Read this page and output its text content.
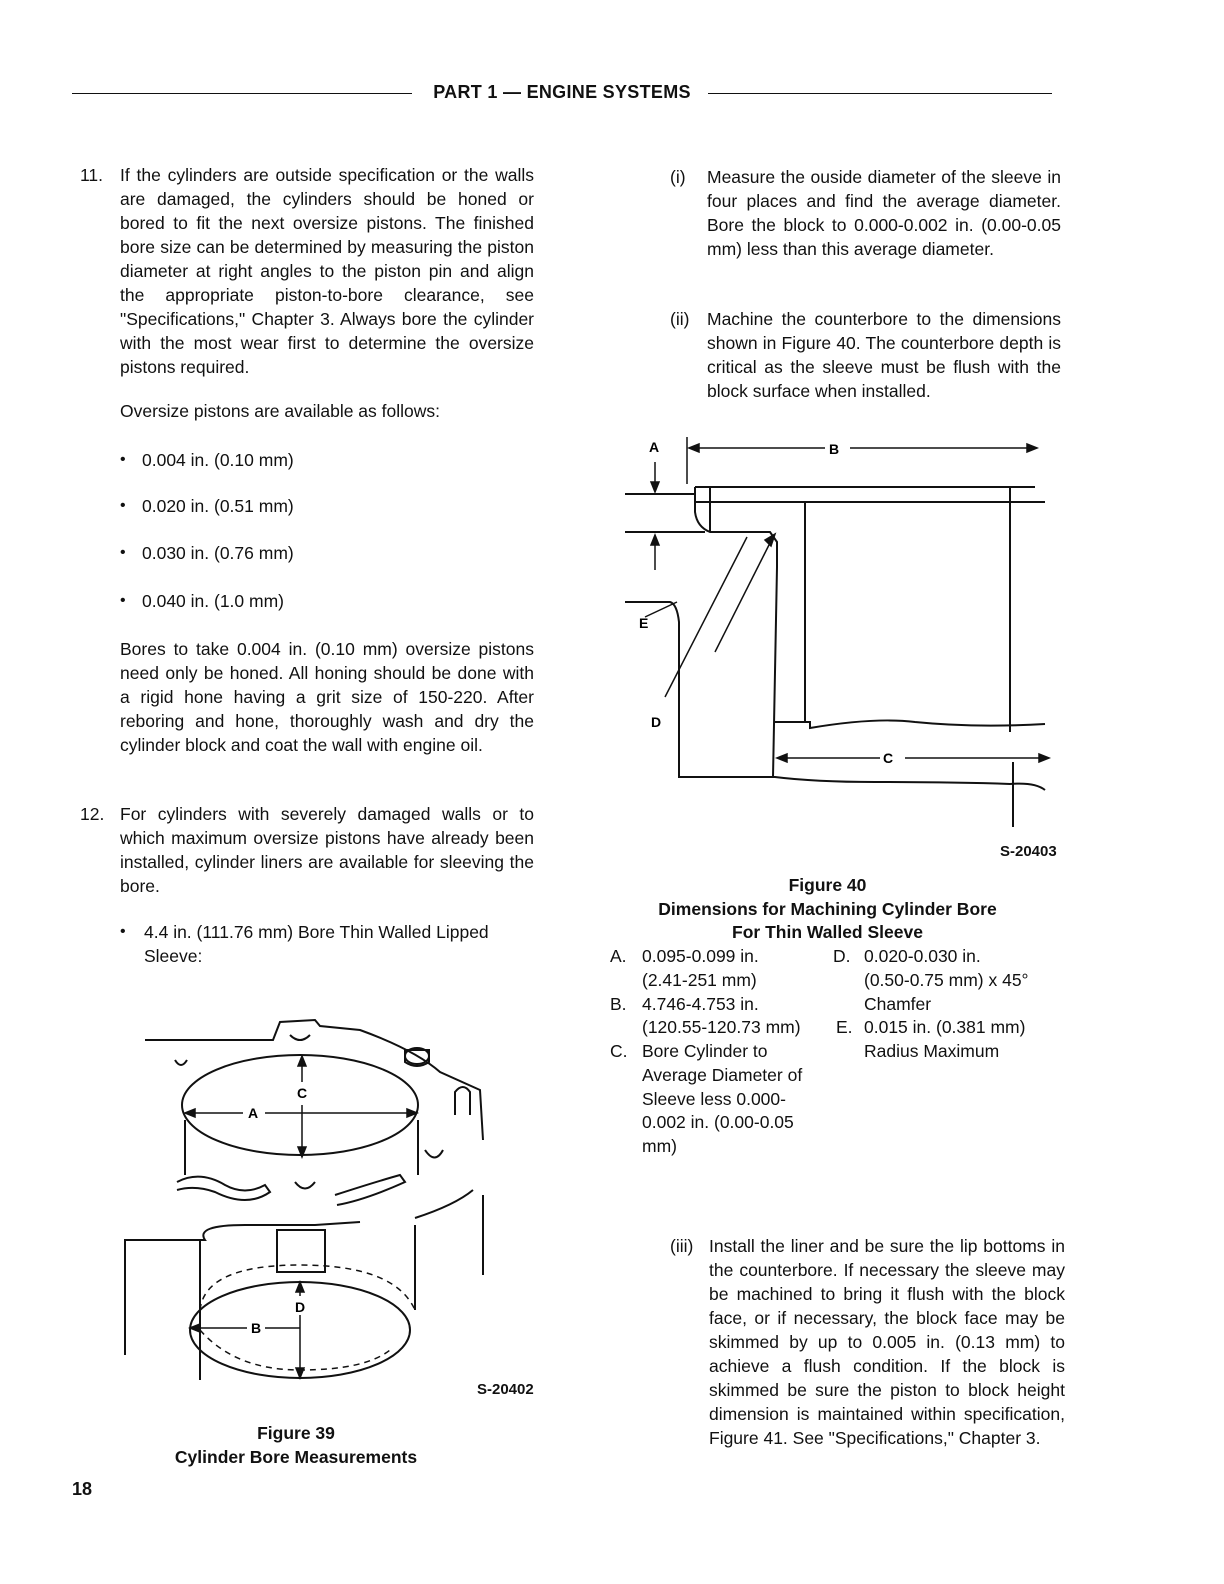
PART 1 — ENGINE SYSTEMS
11. If the cylinders are outside specification or the walls are damaged, the cylinders should be honed or bored to fit the next oversize pistons. The finished bore size can be determined by measuring the piston diameter at right angles to the piston pin and align the appropriate piston-to-bore clearance, see "Specifications," Chapter 3. Always bore the cylinder with the most wear first to determine the oversize pistons required.

Oversize pistons are available as follows:

• 0.004 in. (0.10 mm)
• 0.020 in. (0.51 mm)
• 0.030 in. (0.76 mm)
• 0.040 in. (1.0 mm)

Bores to take 0.004 in. (0.10 mm) oversize pistons need only be honed. All honing should be done with a rigid hone having a grit size of 150-220. After reboring and hone, thoroughly wash and dry the cylinder block and coat the wall with engine oil.

12. For cylinders with severely damaged walls or to which maximum oversize pistons have already been installed, cylinder liners are available for sleeving the bore.

• 4.4 in. (111.76 mm) Bore Thin Walled Lipped Sleeve:

A
C
B
D
S-20402
Figure 39
Cylinder Bore Measurements
18
(i) Measure the ouside diameter of the sleeve in four places and find the average diameter. Bore the block to 0.000-0.002 in. (0.00-0.05 mm) less than this average diameter.

(ii) Machine the counterbore to the dimensions shown in Figure 40. The counterbore depth is critical as the sleeve must be flush with the block surface when installed.

A	B
C
D
E
S-20403
Figure 40
Dimensions for Machining Cylinder Bore
For Thin Walled Sleeve
A. 0.095-0.099 in.
(2.41-251 mm)
B. 4.746-4.753 in.
(120.55-120.73 mm)
C. Bore Cylinder to
Average Diameter of
Sleeve less 0.000-
0.002 in. (0.00-0.05
mm)
D. 0.020-0.030 in.
(0.50-0.75 mm) x 45°
Chamfer
E. 0.015 in. (0.381 mm)
Radius Maximum
(iii) Install the liner and be sure the lip bottoms in the counterbore. If necessary the sleeve may be machined to bring it flush with the block face, or if necessary, the block face may be skimmed by up to 0.005 in. (0.13 mm) to achieve a flush condition. If the block is skimmed be sure the piston to block height dimension is maintained within specification, Figure 41. See "Specifications," Chapter 3.
